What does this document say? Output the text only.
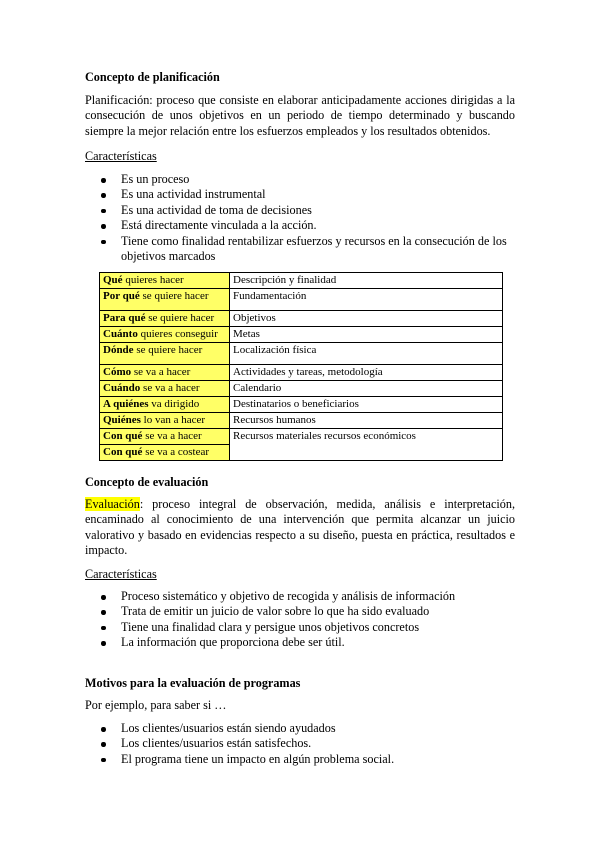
Concepto de planificación

Planificación: proceso que consiste en elaborar anticipadamente acciones dirigidas a la consecución de unos objetivos en un periodo de tiempo determinado y buscando siempre la mejor relación entre los esfuerzos empleados y los resultados obtenidos.

Características

Es un proceso
Es una actividad instrumental
Es una actividad de toma de decisiones
Está directamente vinculada a la acción.
Tiene como finalidad rentabilizar esfuerzos y recursos en la consecución de los objetivos marcados
Qué quieres hacer	Descripción y finalidad
Por qué se quiere hacer	Fundamentación
Para qué se quiere hacer	Objetivos
Cuánto quieres conseguir	Metas
Dónde se quiere hacer	Localización física
Cómo se va a hacer	Actividades y tareas, metodología
Cuándo se va a hacer	Calendario
A quiénes va dirigido	Destinatarios o beneficiarios
Quiénes lo van a hacer	Recursos humanos
Con qué se va a hacer	Recursos materiales recursos económicos
Con qué se va a costear	

Concepto de evaluación

Evaluación: proceso integral de observación, medida, análisis e interpretación, encaminado al conocimiento de una intervención que permita alcanzar un juicio valorativo y basado en evidencias respecto a su diseño, puesta en práctica, resultados e impacto.

Características

Proceso sistemático y objetivo de recogida y análisis de información
Trata de emitir un juicio de valor sobre lo que ha sido evaluado
Tiene una finalidad clara y persigue unos objetivos concretos
La información que proporciona debe ser útil.

Motivos para la evaluación de programas

Por ejemplo, para saber si …

Los clientes/usuarios están siendo ayudados
Los clientes/usuarios están satisfechos.
El programa tiene un impacto en algún problema social.
